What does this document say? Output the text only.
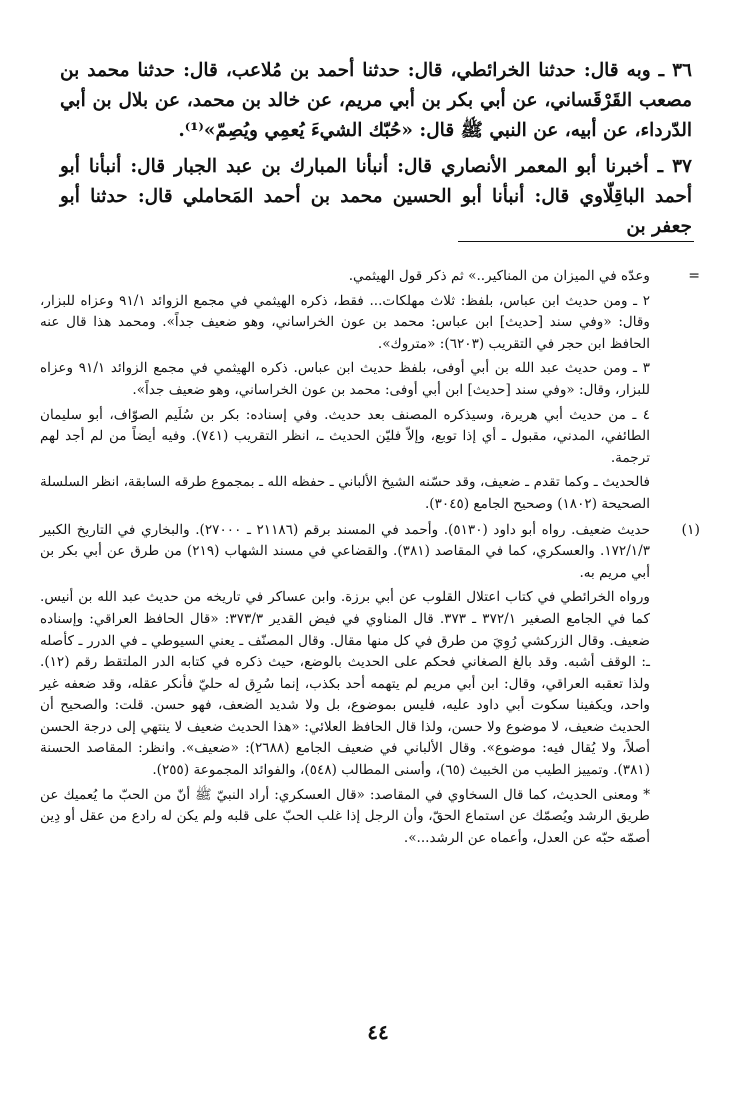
٣٦ ـ وبه قال: حدثنا الخرائطي، قال: حدثنا أحمد بن مُلاعب، قال: حدثنا محمد بن مصعب القَرْقَساني، عن أبي بكر بن أبي مريم، عن خالد بن محمد، عن بلال بن أبي الدّرداء، عن أبيه، عن النبي ﷺ قال: «حُبّك الشيءَ يُعمِي ويُصِمّ»⁽¹⁾.

٣٧ ـ أخبرنا أبو المعمر الأنصاري قال: أنبأنا المبارك بن عبد الجبار قال: أنبأنا أبو أحمد الباقِلّاوي قال: أنبأنا أبو الحسين محمد بن أحمد المَحاملي قال: حدثنا أبو جعفر بن

=

وعدّه في الميزان من المناكير..» ثم ذكر قول الهيثمي.

٢ ـ ومن حديث ابن عباس، بلفظ: ثلاث مهلكات... فقط، ذكره الهيثمي في مجمع الزوائد ٩١/١ وعزاه للبزار، وقال: «وفي سند [حديث] ابن عباس: محمد بن عون الخراساني، وهو ضعيف جداً». ومحمد هذا قال عنه الحافظ ابن حجر في التقريب (٦٢٠٣): «متروك».

٣ ـ ومن حديث عبد الله بن أبي أوفى، بلفظ حديث ابن عباس. ذكره الهيثمي في مجمع الزوائد ٩١/١ وعزاه للبزار، وقال: «وفي سند [حديث] ابن أبي أوفى: محمد بن عون الخراساني، وهو ضعيف جداً».

٤ ـ من حديث أبي هريرة، وسيذكره المصنف بعد حديث. وفي إسناده: بكر بن سُلَيم الصوّاف، أبو سليمان الطائفي، المدني، مقبول ـ أي إذا توبع، وإلاّ فليّن الحديث ـ، انظر التقريب (٧٤١). وفيه أيضاً من لم أجد لهم ترجمة.

فالحديث ـ وكما تقدم ـ ضعيف، وقد حسّنه الشيخ الألباني ـ حفظه الله ـ بمجموع طرقه السابقة، انظر السلسلة الصحيحة (١٨٠٢) وصحيح الجامع (٣٠٤٥).

(١)

حديث ضعيف. رواه أبو داود (٥١٣٠). وأحمد في المسند برقم (٢١١٨٦ ـ ٢٧٠٠٠). والبخاري في التاريخ الكبير ١٧٢/١/٣. والعسكري، كما في المقاصد (٣٨١). والقضاعي في مسند الشهاب (٢١٩) من طرق عن أبي بكر بن أبي مريم به.

ورواه الخرائطي في كتاب اعتلال القلوب عن أبي برزة. وابن عساكر في تاريخه من حديث عبد الله بن أنيس. كما في الجامع الصغير ٣٧٢/١ ـ ٣٧٣. قال المناوي في فيض القدير ٣٧٣/٣: «قال الحافظ العراقي: وإسناده ضعيف. وقال الزركشي رُوِيَ من طرق في كل منها مقال. وقال المصنّف ـ يعني السيوطي ـ في الدرر ـ كأصله ـ: الوقف أشبه. وقد بالغ الصغاني فحكم على الحديث بالوضع، حيث ذكره في كتابه الدر الملتقط رقم (١٢). ولذا تعقبه العراقي، وقال: ابن أبي مريم لم يتهمه أحد بكذب، إنما سُرِق له حليّ فأنكر عقله، وقد ضعفه غير واحد، ويكفينا سكوت أبي داود عليه، فليس بموضوع، بل ولا شديد الضعف، فهو حسن. قلت: والصحيح أن الحديث ضعيف، لا موضوع ولا حسن، ولذا قال الحافظ العلائي: «هذا الحديث ضعيف لا ينتهي إلى درجة الحسن أصلاً، ولا يُقال فيه: موضوع». وقال الألباني في ضعيف الجامع (٢٦٨٨): «ضعيف». وانظر: المقاصد الحسنة (٣٨١). وتمييز الطيب من الخبيث (٦٥)، وأسنى المطالب (٥٤٨)، والفوائد المجموعة (٢٥٥).

* ومعنى الحديث، كما قال السخاوي في المقاصد: «قال العسكري: أراد النبيّ ﷺ أنّ من الحبّ ما يُعميك عن طريق الرشد ويُصمّك عن استماع الحقّ، وأن الرجل إذا غلب الحبّ على قلبه ولم يكن له رادع من عقل أو دِين أصمّه حبّه عن العدل، وأعماه عن الرشد...».

٤٤
